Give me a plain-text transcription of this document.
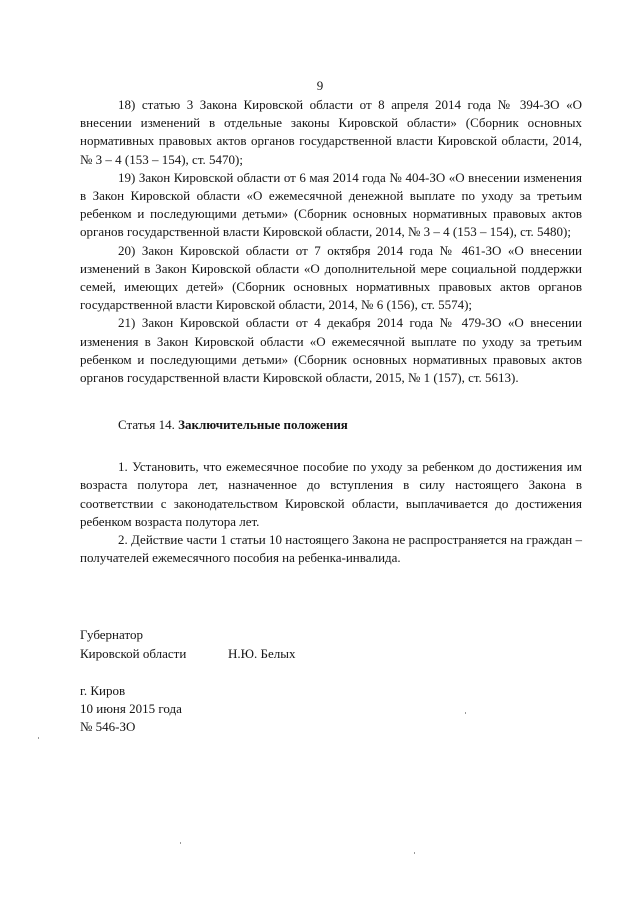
9

18) статью 3 Закона Кировской области от 8 апреля 2014 года № 394-ЗО «О внесении изменений в отдельные законы Кировской области» (Сборник основных нормативных правовых актов органов государственной власти Кировской области, 2014, № 3 – 4 (153 – 154), ст. 5470);

19) Закон Кировской области от 6 мая 2014 года № 404-ЗО «О внесении изменения в Закон Кировской области «О ежемесячной денежной выплате по уходу за третьим ребенком и последующими детьми» (Сборник основных нормативных правовых актов органов государственной власти Кировской области, 2014, № 3 – 4 (153 – 154), ст. 5480);

20) Закон Кировской области от 7 октября 2014 года № 461-ЗО «О внесении изменений в Закон Кировской области «О дополнительной мере социальной поддержки семей, имеющих детей» (Сборник основных нормативных правовых актов органов государственной власти Кировской области, 2014, № 6 (156), ст. 5574);

21) Закон Кировской области от 4 декабря 2014 года № 479-ЗО «О внесении изменения в Закон Кировской области «О ежемесячной выплате по уходу за третьим ребенком и последующими детьми» (Сборник основных нормативных правовых актов органов государственной власти Кировской области, 2015, № 1 (157), ст. 5613).

Статья 14. Заключительные положения

1. Установить, что ежемесячное пособие по уходу за ребенком до достижения им возраста полутора лет, назначенное до вступления в силу настоящего Закона в соответствии с законодательством Кировской области, выплачивается до достижения ребенком возраста полутора лет.

2. Действие части 1 статьи 10 настоящего Закона не распространяется на граждан – получателей ежемесячного пособия на ребенка-инвалида.

Губернатор
Кировской области	Н.Ю. Белых
г. Киров
10 июня 2015 года
№ 546-ЗО
